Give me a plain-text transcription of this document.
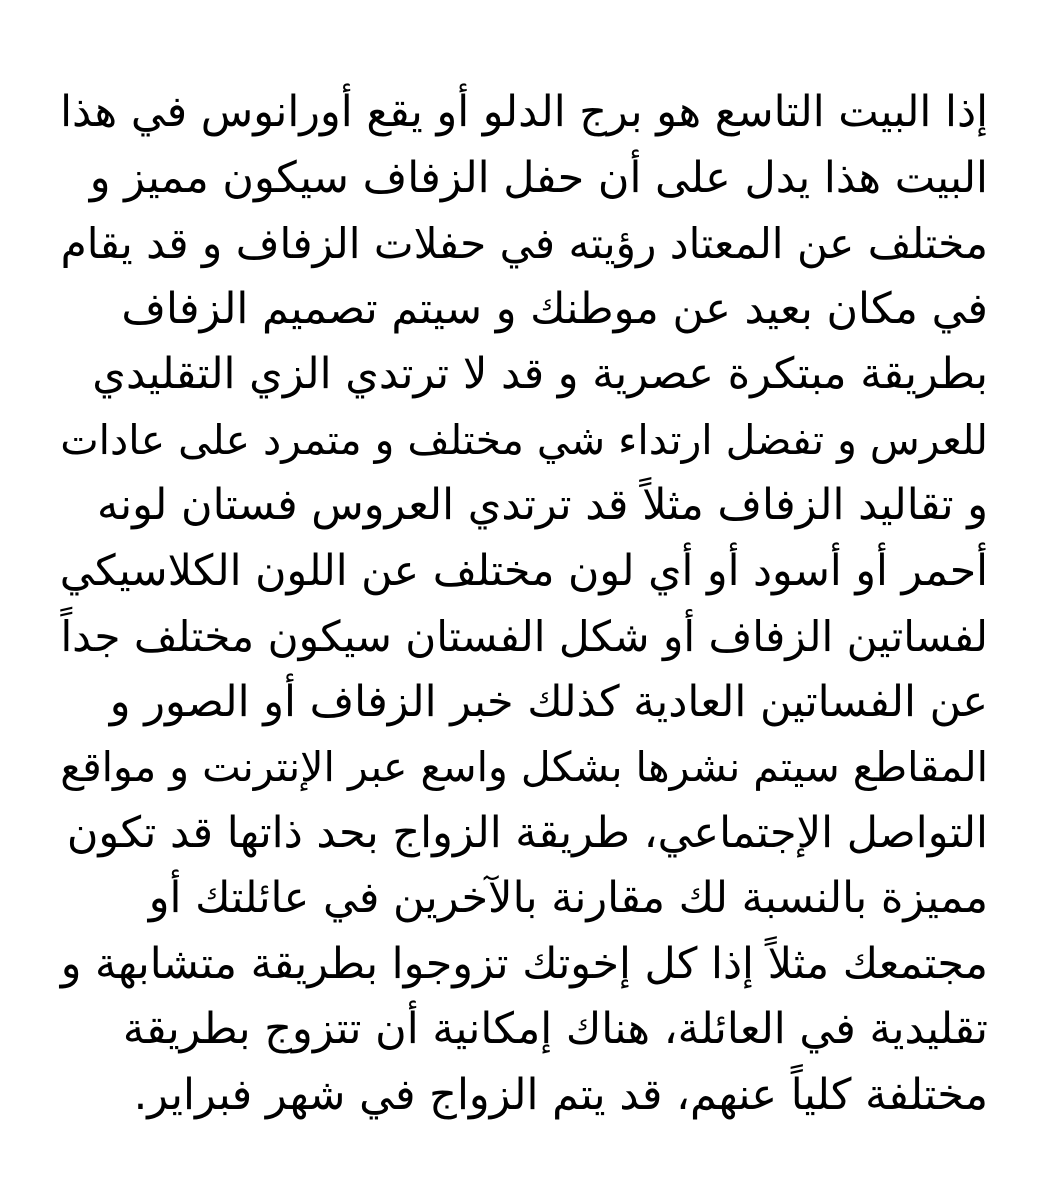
إذا البيت التاسع هو برج الدلو أو يقع أورانوس في هذا
البيت هذا يدل على أن حفل الزفاف سيكون مميز و
مختلف عن المعتاد رؤيته في حفلات الزفاف و قد يقام
في مكان بعيد عن موطنك و سيتم تصميم الزفاف
بطريقة مبتكرة عصرية و قد لا ترتدي الزي التقليدي
للعرس و تفضل ارتداء شي مختلف و متمرد على عادات
و تقاليد الزفاف مثلاً قد ترتدي العروس فستان لونه
أحمر أو أسود أو أي لون مختلف عن اللون الكلاسيكي
لفساتين الزفاف أو شكل الفستان سيكون مختلف جداً
عن الفساتين العادية كذلك خبر الزفاف أو الصور و
المقاطع سيتم نشرها بشكل واسع عبر الإنترنت و مواقع
التواصل الإجتماعي، طريقة الزواج بحد ذاتها قد تكون
مميزة بالنسبة لك مقارنة بالآخرين في عائلتك أو
مجتمعك مثلاً إذا كل إخوتك تزوجوا بطريقة متشابهة و
تقليدية في العائلة، هناك إمكانية أن تتزوج بطريقة
مختلفة كلياً عنهم، قد يتم الزواج في شهر فبراير.
